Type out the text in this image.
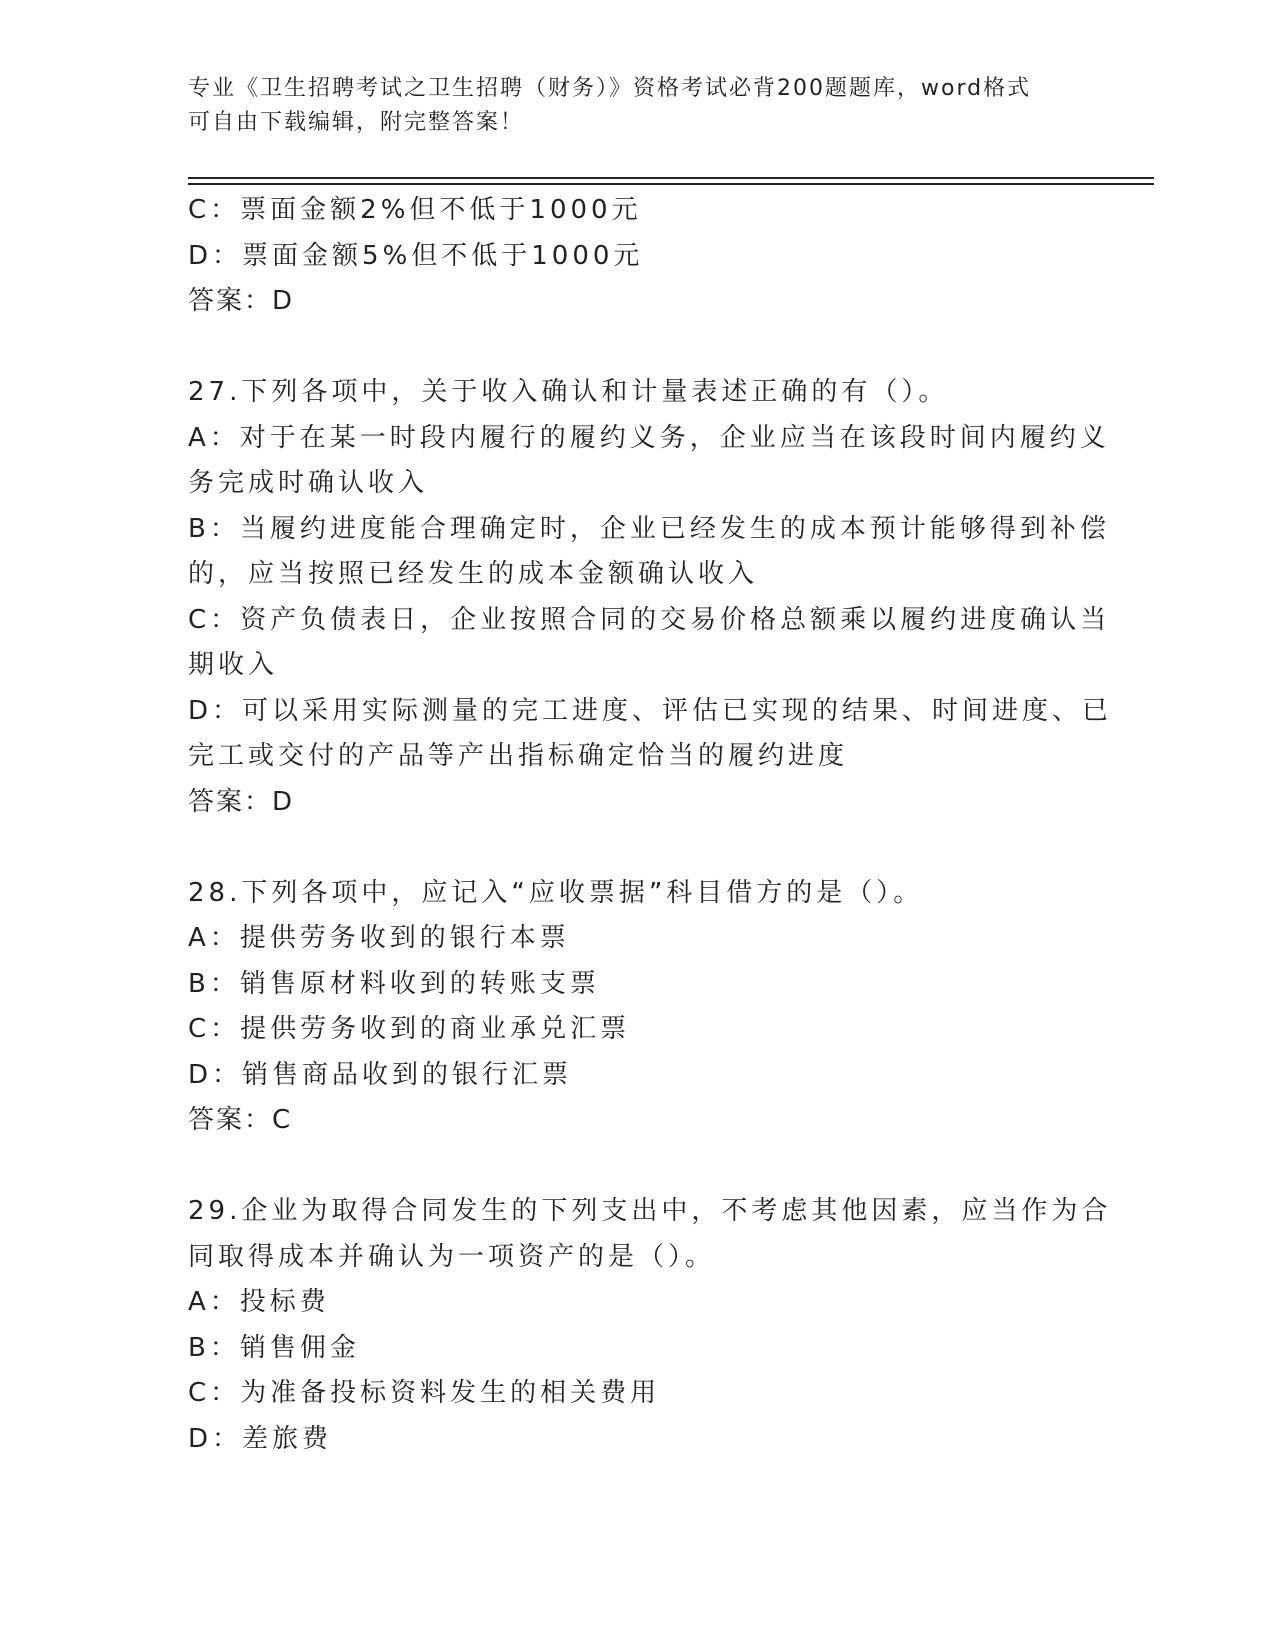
专业《卫生招聘考试之卫生招聘（财务）》资格考试必背200题题库，word格式
可自由下载编辑，附完整答案！
C：票面金额2%但不低于1000元
D：票面金额5%但不低于1000元
答案：D
27.下列各项中，关于收入确认和计量表述正确的有（）。
A：对于在某一时段内履行的履约义务，企业应当在该段时间内履约义
务完成时确认收入
B：当履约进度能合理确定时，企业已经发生的成本预计能够得到补偿
的，应当按照已经发生的成本金额确认收入
C：资产负债表日，企业按照合同的交易价格总额乘以履约进度确认当
期收入
D：可以采用实际测量的完工进度、评估已实现的结果、时间进度、已
完工或交付的产品等产出指标确定恰当的履约进度
答案：D
28.下列各项中，应记入“应收票据”科目借方的是（）。
A：提供劳务收到的银行本票
B：销售原材料收到的转账支票
C：提供劳务收到的商业承兑汇票
D：销售商品收到的银行汇票
答案：C
29.企业为取得合同发生的下列支出中，不考虑其他因素，应当作为合
同取得成本并确认为一项资产的是（）。
A：投标费
B：销售佣金
C：为准备投标资料发生的相关费用
D：差旅费
